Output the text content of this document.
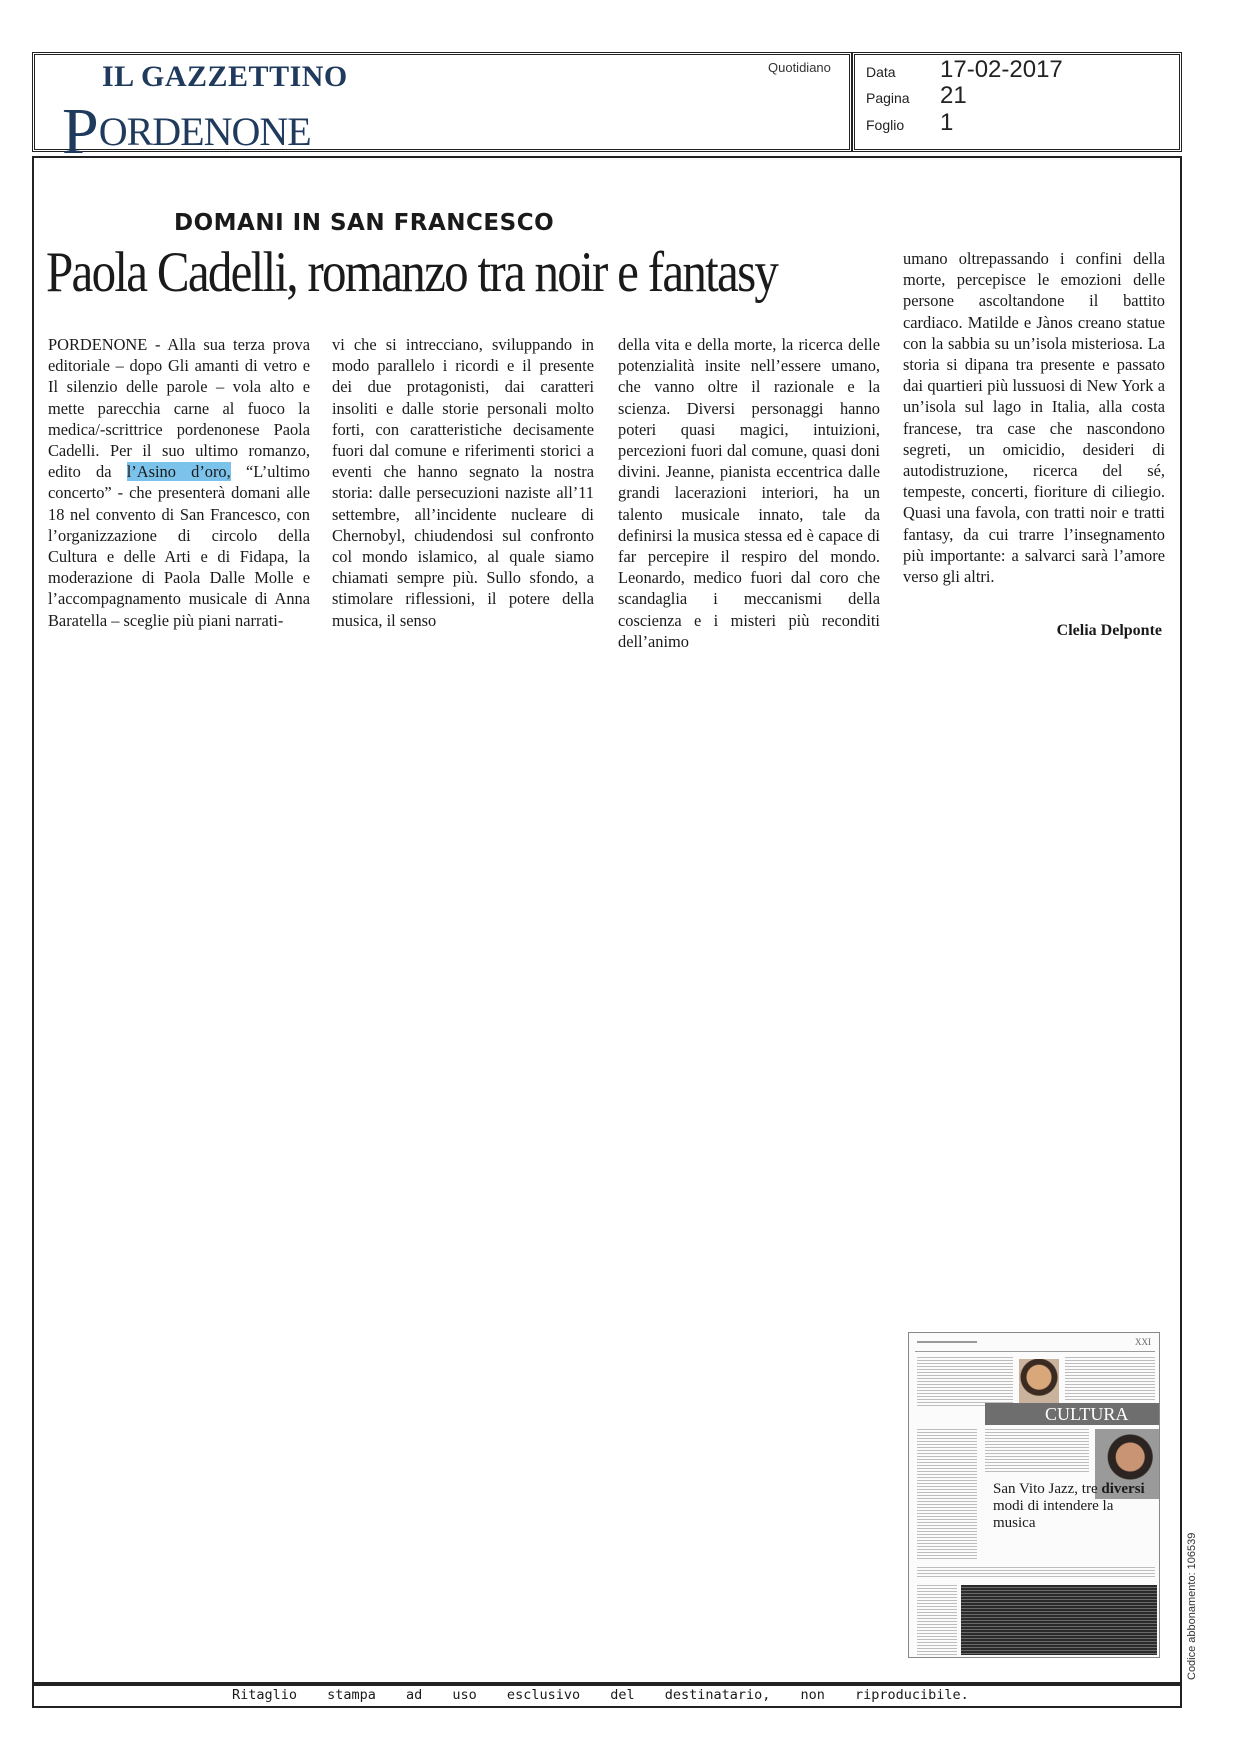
IL GAZZETTINO
PORDENONE
Quotidiano	Data 17-02-2017
Pagina 21
Foglio 1
DOMANI IN SAN FRANCESCO
Paola Cadelli, romanzo tra noir e fantasy
PORDENONE - Alla sua terza prova editoriale – dopo Gli amanti di vetro e Il silenzio delle parole – vola alto e mette parecchia carne al fuoco la medica/-scrittrice pordenonese Paola Cadelli. Per il suo ultimo romanzo, edito da l’Asino d’oro, “L’ultimo concerto” - che presenterà domani alle 18 nel convento di San Francesco, con l’organizzazione di circolo della Cultura e delle Arti e di Fidapa, la moderazione di Paola Dalle Molle e l’accompagnamento musicale di Anna Baratella – sceglie più piani narrati-
vi che si intrecciano, sviluppando in modo parallelo i ricordi e il presente dei due protagonisti, dai caratteri insoliti e dalle storie personali molto forti, con caratteristiche decisamente fuori dal comune e riferimenti storici a eventi che hanno segnato la nostra storia: dalle persecuzioni naziste all’11 settembre, all’incidente nucleare di Chernobyl, chiudendosi sul confronto col mondo islamico, al quale siamo chiamati sempre più. Sullo sfondo, a stimolare riflessioni, il potere della musica, il senso
della vita e della morte, la ricerca delle potenzialità insite nell’essere umano, che vanno oltre il razionale e la scienza. Diversi personaggi hanno poteri quasi magici, intuizioni, percezioni fuori dal comune, quasi doni divini. Jeanne, pianista eccentrica dalle grandi lacerazioni interiori, ha un talento musicale innato, tale da definirsi la musica stessa ed è capace di far percepire il respiro del mondo. Leonardo, medico fuori dal coro che scandaglia i meccanismi della coscienza e i misteri più reconditi dell’animo
umano oltrepassando i confini della morte, percepisce le emozioni delle persone ascoltandone il battito cardiaco. Matilde e Jànos creano statue con la sabbia su un’isola misteriosa. La storia si dipana tra presente e passato dai quartieri più lussuosi di New York a un’isola sul lago in Italia, alla costa francese, tra case che nascondono segreti, un omicidio, desideri di autodistruzione, ricerca del sé, tempeste, concerti, fioriture di ciliegio. Quasi una favola, con tratti noir e tratti fantasy, da cui trarre l’insegnamento più importante: a salvarci sarà l’amore verso gli altri.
Clelia Delponte
XXI
CULTURA
San Vito Jazz, tre diversi modi di intendere la musica
Codice abbonamento: 106539
Ritaglio stampa ad uso esclusivo del destinatario, non riproducibile.
